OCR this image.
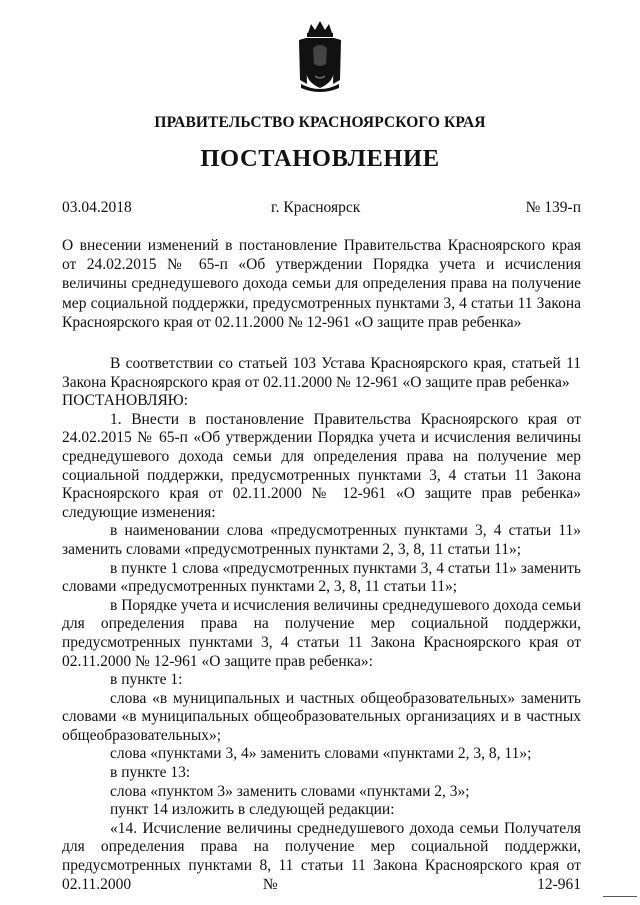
ПРАВИТЕЛЬСТВО КРАСНОЯРСКОГО КРАЯ
ПОСТАНОВЛЕНИЕ
03.04.2018	г. Красноярск	№ 139-п
О внесении изменений в постановление Правительства Красноярского края от 24.02.2015 № 65-п «Об утверждении Порядка учета и исчисления величины среднедушевого дохода семьи для определения права на получение мер социальной поддержки, предусмотренных пунктами 3, 4 статьи 11 Закона Красноярского края от 02.11.2000 № 12-961 «О защите прав ребенка»

В соответствии со статьей 103 Устава Красноярского края, статьей 11 Закона Красноярского края от 02.11.2000 № 12-961 «О защите прав ребенка»

ПОСТАНОВЛЯЮ:

1. Внести в постановление Правительства Красноярского края от 24.02.2015 № 65-п «Об утверждении Порядка учета и исчисления величины среднедушевого дохода семьи для определения права на получение мер социальной поддержки, предусмотренных пунктами 3, 4 статьи 11 Закона Красноярского края от 02.11.2000 № 12-961 «О защите прав ребенка» следующие изменения:

в наименовании слова «предусмотренных пунктами 3, 4 статьи 11» заменить словами «предусмотренных пунктами 2, 3, 8, 11 статьи 11»;

в пункте 1 слова «предусмотренных пунктами 3, 4 статьи 11» заменить словами «предусмотренных пунктами 2, 3, 8, 11 статьи 11»;

в Порядке учета и исчисления величины среднедушевого дохода семьи для определения права на получение мер социальной поддержки, предусмотренных пунктами 3, 4 статьи 11 Закона Красноярского края от 02.11.2000 № 12-961 «О защите прав ребенка»:

в пункте 1:

слова «в муниципальных и частных общеобразовательных» заменить словами «в муниципальных общеобразовательных организациях и в частных общеобразовательных»;

слова «пунктами 3, 4» заменить словами «пунктами 2, 3, 8, 11»;

в пункте 13:

слова «пунктом 3» заменить словами «пунктами 2, 3»;

пункт 14 изложить в следующей редакции:

«14. Исчисление величины среднедушевого дохода семьи Получателя для определения права на получение мер социальной поддержки, предусмотренных пунктами 8, 11 статьи 11 Закона Красноярского края от 02.11.2000 № 12-961
